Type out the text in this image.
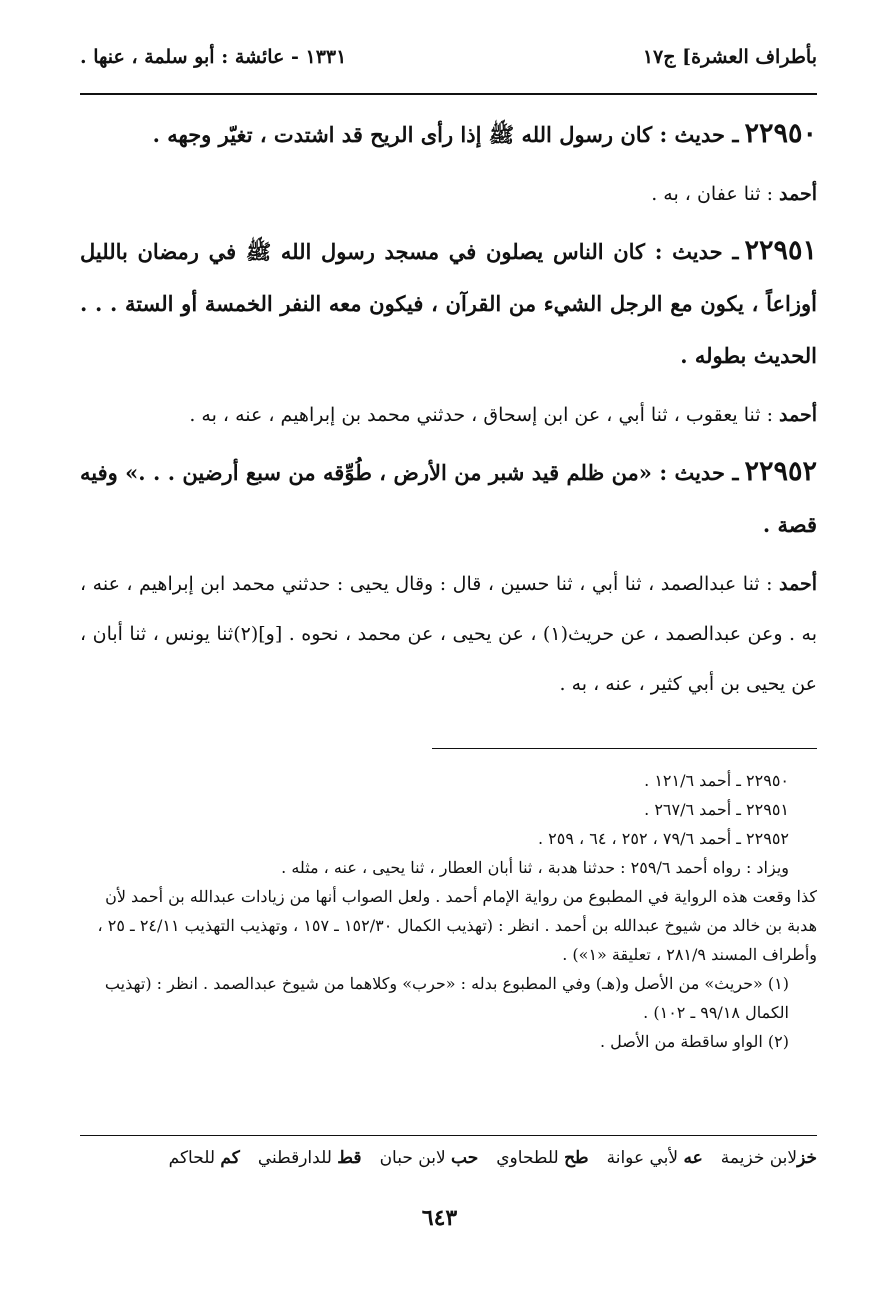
بأطراف العشرة] ج١٧
١٣٣١ - عائشة : أبو سلمة ، عنها .

٢٢٩٥٠ـ حديث : كان رسول الله ﷺ إذا رأى الريح قد اشتدت ، تغيّر وجهه .

أحمد : ثنا عفان ، به .

٢٢٩٥١ـ حديث : كان الناس يصلون في مسجد رسول الله ﷺ في رمضان بالليل أوزاعاً ، يكون مع الرجل الشيء من القرآن ، فيكون معه النفر الخمسة أو الستة . . . الحديث بطوله .

أحمد : ثنا يعقوب ، ثنا أبي ، عن ابن إسحاق ، حدثني محمد بن إبراهيم ، عنه ، به .

٢٢٩٥٢ـ حديث : «من ظلم قيد شبر من الأرض ، طُوِّقه من سبع أرضين . . .» وفيه قصة .

أحمد : ثنا عبدالصمد ، ثنا أبي ، ثنا حسين ، قال : وقال يحيى : حدثني محمد ابن إبراهيم ، عنه ، به . وعن عبدالصمد ، عن حريث(١) ، عن يحيى ، عن محمد ، نحوه . [و](٢)ثنا يونس ، ثنا أبان ، عن يحيى بن أبي كثير ، عنه ، به .

٢٢٩٥٠ ـ أحمد ١٢١/٦ .

٢٢٩٥١ ـ أحمد ٢٦٧/٦ .

٢٢٩٥٢ ـ أحمد ٧٩/٦ ، ٢٥٢ ، ٦٤ ، ٢٥٩ .

ويزاد : رواه أحمد ٢٥٩/٦ : حدثنا هدبة ، ثنا أبان العطار ، ثنا يحيى ، عنه ، مثله .

كذا وقعت هذه الرواية في المطبوع من رواية الإمام أحمد . ولعل الصواب أنها من زيادات عبدالله بن أحمد لأن هدبة بن خالد من شيوخ عبدالله بن أحمد . انظر : (تهذيب الكمال ١٥٢/٣٠ ـ ١٥٧ ، وتهذيب التهذيب ٢٤/١١ ـ ٢٥ ، وأطراف المسند ٢٨١/٩ ، تعليقة «١») .

(١) «حريث» من الأصل و(هـ) وفي المطبوع بدله : «حرب» وكلاهما من شيوخ عبدالصمد . انظر : (تهذيب الكمال ٩٩/١٨ ـ ١٠٢) .

(٢) الواو ساقطة من الأصل .

خزلابن خزيمة
عه لأبي عوانة
طح للطحاوي
حب لابن حبان
قط للدارقطني
كم للحاكم
٦٤٣
